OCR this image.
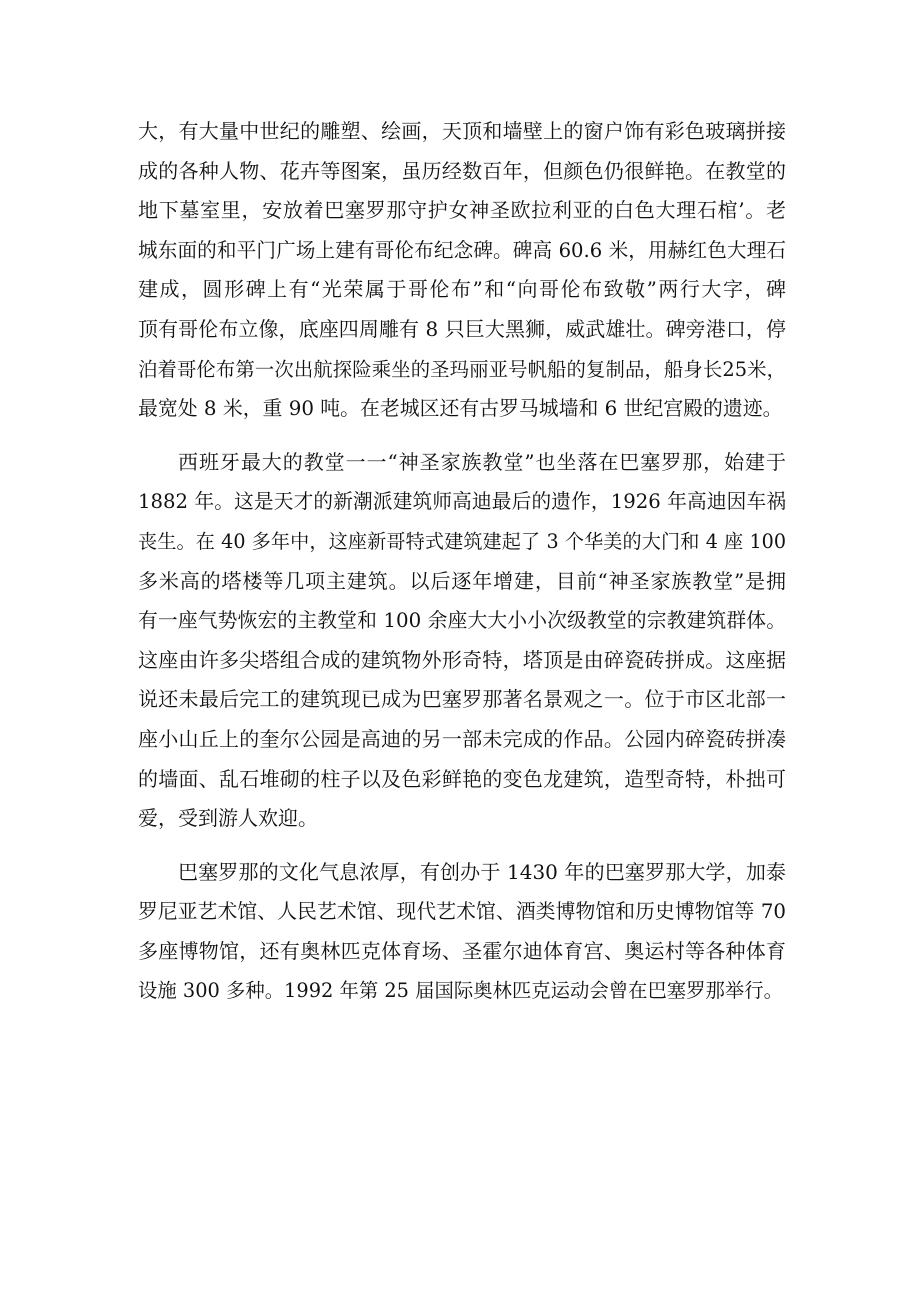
大，有大量中世纪的雕塑、绘画，天顶和墙壁上的窗户饰有彩色玻璃拼接
成的各种人物、花卉等图案，虽历经数百年，但颜色仍很鲜艳。在教堂的
地下墓室里，安放着巴塞罗那守护女神圣欧拉利亚的白色大理石棺’。老
城东面的和平门广场上建有哥伦布纪念碑。碑高 60.6 米，用赫红色大理石
建成，圆形碑上有“光荣属于哥伦布”和“向哥伦布致敬”两行大字，碑
顶有哥伦布立像，底座四周雕有 8 只巨大黑狮，威武雄壮。碑旁港口，停
泊着哥伦布第一次出航探险乘坐的圣玛丽亚号帆船的复制品，船身长25米，
最宽处 8 米，重 90 吨。在老城区还有古罗马城墙和 6 世纪宫殿的遗迹。
西班牙最大的教堂一一“神圣家族教堂”也坐落在巴塞罗那，始建于
1882 年。这是天才的新潮派建筑师高迪最后的遗作，1926 年高迪因车祸
丧生。在 40 多年中，这座新哥特式建筑建起了 3 个华美的大门和 4 座 100
多米高的塔楼等几项主建筑。以后逐年增建，目前“神圣家族教堂”是拥
有一座气势恢宏的主教堂和 100 余座大大小小次级教堂的宗教建筑群体。
这座由许多尖塔组合成的建筑物外形奇特，塔顶是由碎瓷砖拼成。这座据
说还未最后完工的建筑现已成为巴塞罗那著名景观之一。位于市区北部一
座小山丘上的奎尔公园是高迪的另一部未完成的作品。公园内碎瓷砖拼凑
的墙面、乱石堆砌的柱子以及色彩鲜艳的变色龙建筑，造型奇特，朴拙可
爱，受到游人欢迎。
巴塞罗那的文化气息浓厚，有创办于 1430 年的巴塞罗那大学，加泰
罗尼亚艺术馆、人民艺术馆、现代艺术馆、酒类博物馆和历史博物馆等 70
多座博物馆，还有奥林匹克体育场、圣霍尔迪体育宫、奥运村等各种体育
设施 300 多种。1992 年第 25 届国际奥林匹克运动会曾在巴塞罗那举行。
